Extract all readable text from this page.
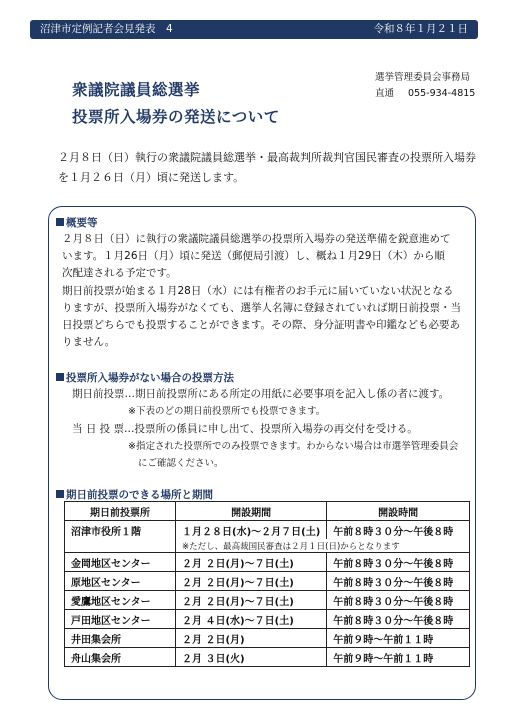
沼津市定例記者会見発表　4	令和８年１月２１日
衆議院議員総選挙
投票所入場券の発送について
選挙管理委員会事務局
直通 055-934-4815
２月８日（日）執行の衆議院議員総選挙・最高裁判所裁判官国民審査の投票所入場券を１月２６日（月）頃に発送します。
概要等
２月８日（日）に執行の衆議院議員総選挙の投票所入場券の発送準備を鋭意進めて
います。１月26日（月）頃に発送（郵便局引渡）し、概ね１月29日（木）から順
次配達される予定です。
期日前投票が始まる１月28日（水）には有権者のお手元に届いていない状況となる
りますが、投票所入場券がなくても、選挙人名簿に登録されていれば期日前投票・当
日投票どちらでも投票することができます。その際、身分証明書や印鑑なども必要あ
りません。
投票所入場券がない場合の投票方法
期日前投票…期日前投票所にある所定の用紙に必要事項を記入し係の者に渡す。
※下表のどの期日前投票所でも投票できます。
当 日 投 票…投票所の係員に申し出て、投票所入場券の再交付を受ける。
※指定された投票所でのみ投票できます。わからない場合は市選挙管理委員会
にご確認ください。
期日前投票のできる場所と期間
期日前投票所	開設期間	開設時間
沼津市役所１階	１月２８日(水)～２月７日(土)	午前８時３０分～午後８時
	※ただし、最高裁国民審査は２月１日(日)からとなります	
金岡地区センター	２月 ２日(月)～７日(土)	午前８時３０分～午後８時
原地区センター	２月 ２日(月)～７日(土)	午前８時３０分～午後８時
愛鷹地区センター	２月 ２日(月)～７日(土)	午前８時３０分～午後８時
戸田地区センター	２月 ４日(水)～７日(土)	午前８時３０分～午後８時
井田集会所	２月 ２日(月)	午前９時～午前１１時
舟山集会所	２月 ３日(火)	午前９時～午前１１時
